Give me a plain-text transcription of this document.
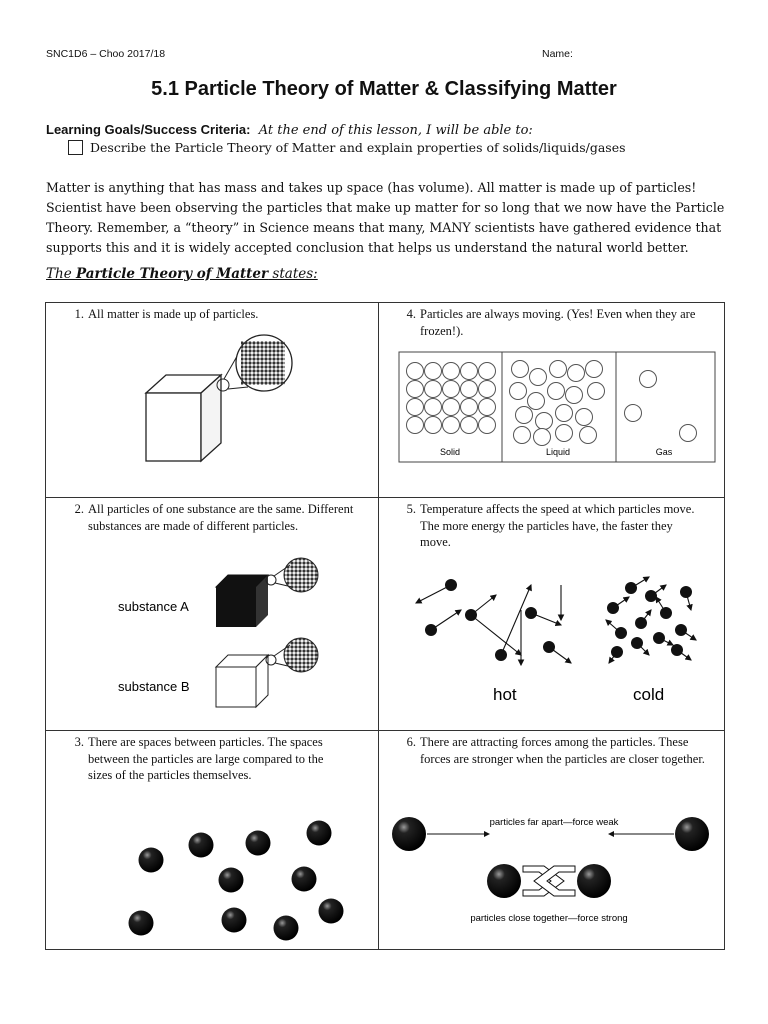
SNC1D6 – Choo 2017/18	Name:
5.1 Particle Theory of Matter & Classifying Matter
Learning Goals/Success Criteria: At the end of this lesson, I will be able to:
Describe the Particle Theory of Matter and explain properties of solids/liquids/gases
Matter is anything that has mass and takes up space (has volume). All matter is made up of particles! Scientist have been observing the particles that make up matter for so long that we now have the Particle Theory. Remember, a “theory” in Science means that many, MANY scientists have gathered evidence that supports this and it is widely accepted conclusion that helps us understand the natural world better.
The Particle Theory of Matter states:
1. All matter is made up of particles.
2. All particles of one substance are the same. Different substances are made of different particles.
3. There are spaces between particles. The spaces between the particles are large compared to the sizes of the particles themselves.
4. Particles are always moving. (Yes! Even when they are frozen!).
5. Temperature affects the speed at which particles move. The more energy the particles have, the faster they move.
6. There are attracting forces among the particles. These forces are stronger when the particles are closer together.
Solid	Liquid	Gas
substance A
substance B	hot	cold
particles far apart—force weak
particles close together—force strong
